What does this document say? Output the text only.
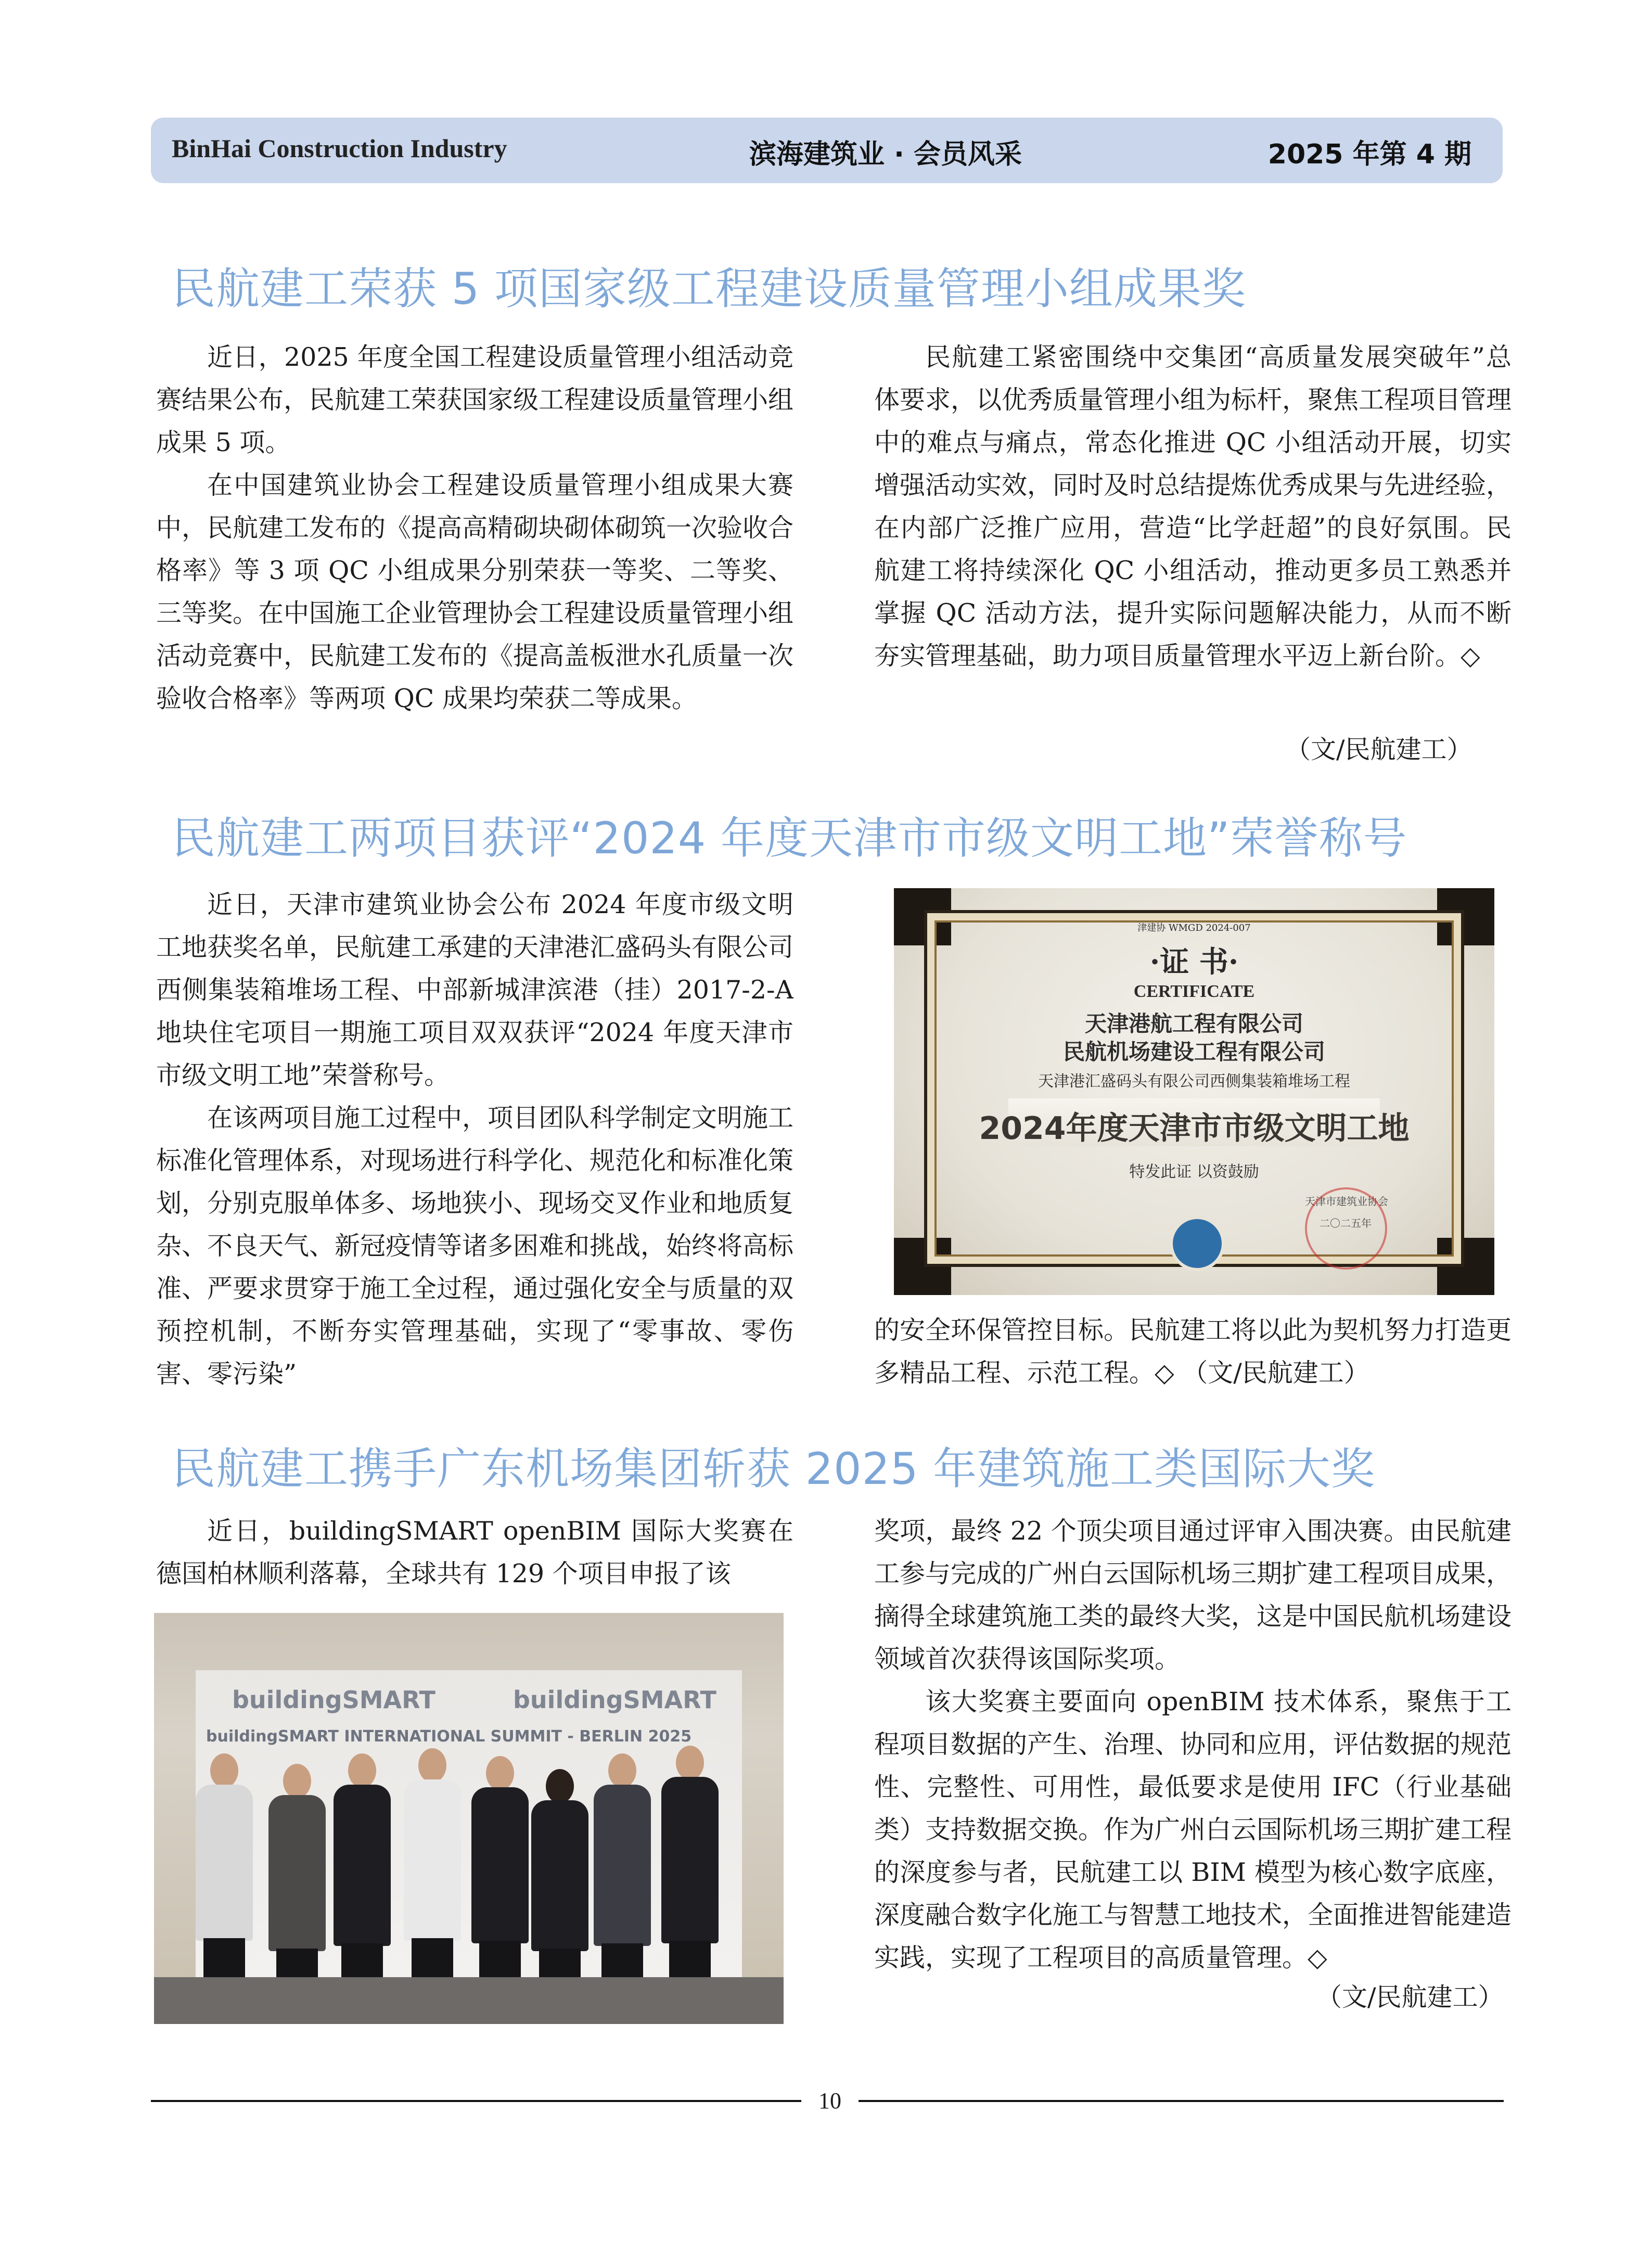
BinHai Construction Industry	滨海建筑业 · 会员风采	2025 年第 4 期
民航建工荣获 5 项国家级工程建设质量管理小组成果奖

近日，2025 年度全国工程建设质量管理小组活动竞赛结果公布，民航建工荣获国家级工程建设质量管理小组成果 5 项。

在中国建筑业协会工程建设质量管理小组成果大赛中，民航建工发布的《提高高精砌块砌体砌筑一次验收合格率》等 3 项 QC 小组成果分别荣获一等奖、二等奖、三等奖。在中国施工企业管理协会工程建设质量管理小组活动竞赛中，民航建工发布的《提高盖板泄水孔质量一次验收合格率》等两项 QC 成果均荣获二等成果。

民航建工紧密围绕中交集团“高质量发展突破年”总体要求，以优秀质量管理小组为标杆，聚焦工程项目管理中的难点与痛点，常态化推进 QC 小组活动开展，切实增强活动实效，同时及时总结提炼优秀成果与先进经验，在内部广泛推广应用，营造“比学赶超”的良好氛围。民航建工将持续深化 QC 小组活动，推动更多员工熟悉并掌握 QC 活动方法，提升实际问题解决能力，从而不断夯实管理基础，助力项目质量管理水平迈上新台阶。◇

（文/民航建工）
民航建工两项目获评“2024 年度天津市市级文明工地”荣誉称号

近日，天津市建筑业协会公布 2024 年度市级文明工地获奖名单，民航建工承建的天津港汇盛码头有限公司西侧集装箱堆场工程、中部新城津滨港（挂）2017-2-A 地块住宅项目一期施工项目双双获评“2024 年度天津市市级文明工地”荣誉称号。

在该两项目施工过程中，项目团队科学制定文明施工标准化管理体系，对现场进行科学化、规范化和标准化策划，分别克服单体多、场地狭小、现场交叉作业和地质复杂、不良天气、新冠疫情等诸多困难和挑战，始终将高标准、严要求贯穿于施工全过程，通过强化安全与质量的双预控机制，不断夯实管理基础，实现了“零事故、零伤害、零污染”

津建协 WMGD 2024-007
·证 书·
CERTIFICATE
天津港航工程有限公司
民航机场建设工程有限公司
天津港汇盛码头有限公司西侧集装箱堆场工程
2024年度天津市市级文明工地
特发此证 以资鼓励
天津市建筑业协会
二〇二五年

的安全环保管控目标。民航建工将以此为契机努力打造更多精品工程、示范工程。◇ （文/民航建工）

民航建工携手广东机场集团斩获 2025 年建筑施工类国际大奖

近日，buildingSMART openBIM 国际大奖赛在德国柏林顺利落幕，全球共有 129 个项目申报了该

buildingSMART	buildingSMART
buildingSMART INTERNATIONAL SUMMIT - BERLIN 2025

奖项，最终 22 个顶尖项目通过评审入围决赛。由民航建工参与完成的广州白云国际机场三期扩建工程项目成果，摘得全球建筑施工类的最终大奖，这是中国民航机场建设领域首次获得该国际奖项。

该大奖赛主要面向 openBIM 技术体系，聚焦于工程项目数据的产生、治理、协同和应用，评估数据的规范性、完整性、可用性，最低要求是使用 IFC（行业基础类）支持数据交换。作为广州白云国际机场三期扩建工程的深度参与者，民航建工以 BIM 模型为核心数字底座，深度融合数字化施工与智慧工地技术，全面推进智能建造实践，实现了工程项目的高质量管理。◇

（文/民航建工）
10
